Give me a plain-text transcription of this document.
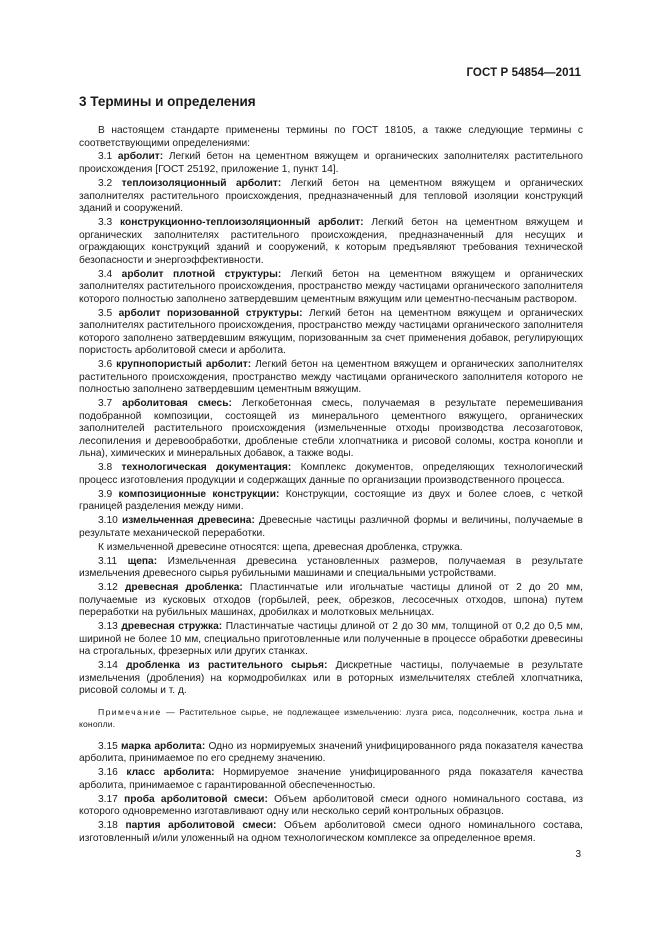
ГОСТ Р 54854—2011
3 Термины и определения

В настоящем стандарте применены термины по ГОСТ 18105, а также следующие термины с соответствующими определениями:

3.1 арболит: Легкий бетон на цементном вяжущем и органических заполнителях растительного происхождения [ГОСТ 25192, приложение 1, пункт 14].

3.2 теплоизоляционный арболит: Легкий бетон на цементном вяжущем и органических заполнителях растительного происхождения, предназначенный для тепловой изоляции конструкций зданий и сооружений.

3.3 конструкционно-теплоизоляционный арболит: Легкий бетон на цементном вяжущем и органических заполнителях растительного происхождения, предназначенный для несущих и ограждающих конструкций зданий и сооружений, к которым предъявляют требования технической безопасности и энергоэффективности.

3.4 арболит плотной структуры: Легкий бетон на цементном вяжущем и органических заполнителях растительного происхождения, пространство между частицами органического заполнителя которого полностью заполнено затвердевшим цементным вяжущим или цементно-песчаным раствором.

3.5 арболит поризованной структуры: Легкий бетон на цементном вяжущем и органических заполнителях растительного происхождения, пространство между частицами органического заполнителя которого заполнено затвердевшим вяжущим, поризованным за счет применения добавок, регулирующих пористость арболитовой смеси и арболита.

3.6 крупнопористый арболит: Легкий бетон на цементном вяжущем и органических заполнителях растительного происхождения, пространство между частицами органического заполнителя которого не полностью заполнено затвердевшим цементным вяжущим.

3.7 арболитовая смесь: Легкобетонная смесь, получаемая в результате перемешивания подобранной композиции, состоящей из минерального цементного вяжущего, органических заполнителей растительного происхождения (измельченные отходы производства лесозаготовок, лесопиления и деревообработки, дробленые стебли хлопчатника и рисовой соломы, костра конопли и льна), химических и минеральных добавок, а также воды.

3.8 технологическая документация: Комплекс документов, определяющих технологический процесс изготовления продукции и содержащих данные по организации производственного процесса.

3.9 композиционные конструкции: Конструкции, состоящие из двух и более слоев, с четкой границей разделения между ними.

3.10 измельченная древесина: Древесные частицы различной формы и величины, получаемые в результате механической переработки.

К измельченной древесине относятся: щепа, древесная дробленка, стружка.

3.11 щепа: Измельченная древесина установленных размеров, получаемая в результате измельчения древесного сырья рубильными машинами и специальными устройствами.

3.12 древесная дробленка: Пластинчатые или игольчатые частицы длиной от 2 до 20 мм, получаемые из кусковых отходов (горбылей, реек, обрезков, лесосечных отходов, шпона) путем переработки на рубильных машинах, дробилках и молотковых мельницах.

3.13 древесная стружка: Пластинчатые частицы длиной от 2 до 30 мм, толщиной от 0,2 до 0,5 мм, шириной не более 10 мм, специально приготовленные или полученные в процессе обработки древесины на строгальных, фрезерных или других станках.

3.14 дробленка из растительного сырья: Дискретные частицы, получаемые в результате измельчения (дробления) на кормодробилках или в роторных измельчителях стеблей хлопчатника, рисовой соломы и т. д.

Примечание — Растительное сырье, не подлежащее измельчению: лузга риса, подсолнечник, костра льна и конопли.

3.15 марка арболита: Одно из нормируемых значений унифицированного ряда показателя качества арболита, принимаемое по его среднему значению.

3.16 класс арболита: Нормируемое значение унифицированного ряда показателя качества арболита, принимаемое с гарантированной обеспеченностью.

3.17 проба арболитовой смеси: Объем арболитовой смеси одного номинального состава, из которого одновременно изготавливают одну или несколько серий контрольных образцов.

3.18 партия арболитовой смеси: Объем арболитовой смеси одного номинального состава, изготовленный и/или уложенный на одном технологическом комплексе за определенное время.

3
